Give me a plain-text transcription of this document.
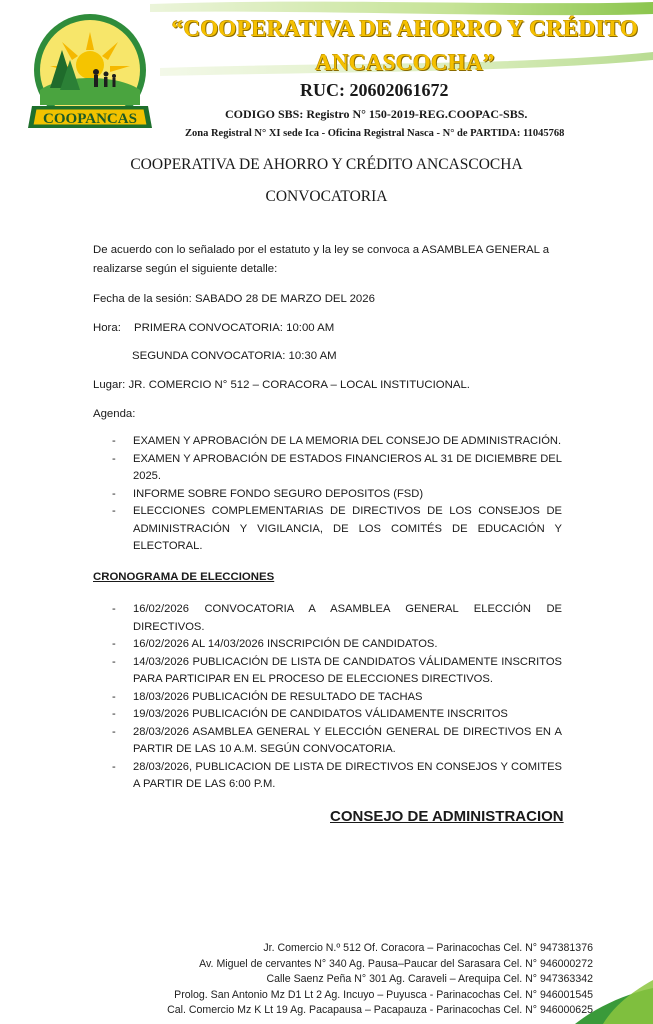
COOPANCAS
“COOPERATIVA DE AHORRO Y CRÉDITO
ANCASCOCHA”
RUC: 20602061672
CODIGO SBS: Registro N° 150-2019-REG.COOPAC-SBS.
Zona Registral N° XI sede Ica - Oficina Registral Nasca - N° de PARTIDA: 11045768
COOPERATIVA DE AHORRO Y CRÉDITO ANCASCOCHA
CONVOCATORIA
De acuerdo con lo señalado por el estatuto y la ley se convoca a ASAMBLEA GENERAL a
realizarse según el siguiente detalle:
Fecha de la sesión: SABADO 28 DE MARZO DEL 2026
Hora: PRIMERA CONVOCATORIA: 10:00 AM
SEGUNDA CONVOCATORIA: 10:30 AM
Lugar: JR. COMERCIO N° 512 – CORACORA – LOCAL INSTITUCIONAL.
Agenda:
- EXAMEN Y APROBACIÓN DE LA MEMORIA DEL CONSEJO DE ADMINISTRACIÓN.
- EXAMEN Y APROBACIÓN DE ESTADOS FINANCIEROS AL 31 DE DICIEMBRE DEL 2025.
- INFORME SOBRE FONDO SEGURO DEPOSITOS (FSD)
- ELECCIONES COMPLEMENTARIAS DE DIRECTIVOS DE LOS CONSEJOS DE ADMINISTRACIÓN Y VIGILANCIA, DE LOS COMITÉS DE EDUCACIÓN Y ELECTORAL.
CRONOGRAMA DE ELECCIONES
- 16/02/2026 CONVOCATORIA A ASAMBLEA GENERAL ELECCIÓN DE DIRECTIVOS.
- 16/02/2026 AL 14/03/2026 INSCRIPCIÓN DE CANDIDATOS.
- 14/03/2026 PUBLICACIÓN DE LISTA DE CANDIDATOS VÁLIDAMENTE INSCRITOS PARA PARTICIPAR EN EL PROCESO DE ELECCIONES DIRECTIVOS.
- 18/03/2026 PUBLICACIÓN DE RESULTADO DE TACHAS
- 19/03/2026 PUBLICACIÓN DE CANDIDATOS VÁLIDAMENTE INSCRITOS
- 28/03/2026 ASAMBLEA GENERAL Y ELECCIÓN GENERAL DE DIRECTIVOS EN A PARTIR DE LAS 10 A.M. SEGÚN CONVOCATORIA.
- 28/03/2026, PUBLICACION DE LISTA DE DIRECTIVOS EN CONSEJOS Y COMITES A PARTIR DE LAS 6:00 P.M.
CONSEJO DE ADMINISTRACION
Jr. Comercio N.º 512 Of. Coracora – Parinacochas Cel. N° 947381376
Av. Miguel de cervantes N° 340 Ag. Pausa–Paucar del Sarasara Cel. N° 946000272
Calle Saenz Peña N° 301 Ag. Caraveli – Arequipa Cel. N° 947363342
Prolog. San Antonio Mz D1 Lt 2 Ag. Incuyo – Puyusca - Parinacochas Cel. N° 946001545
Cal. Comercio Mz K Lt 19 Ag. Pacapausa – Pacapauza - Parinacochas Cel. N° 946000625
